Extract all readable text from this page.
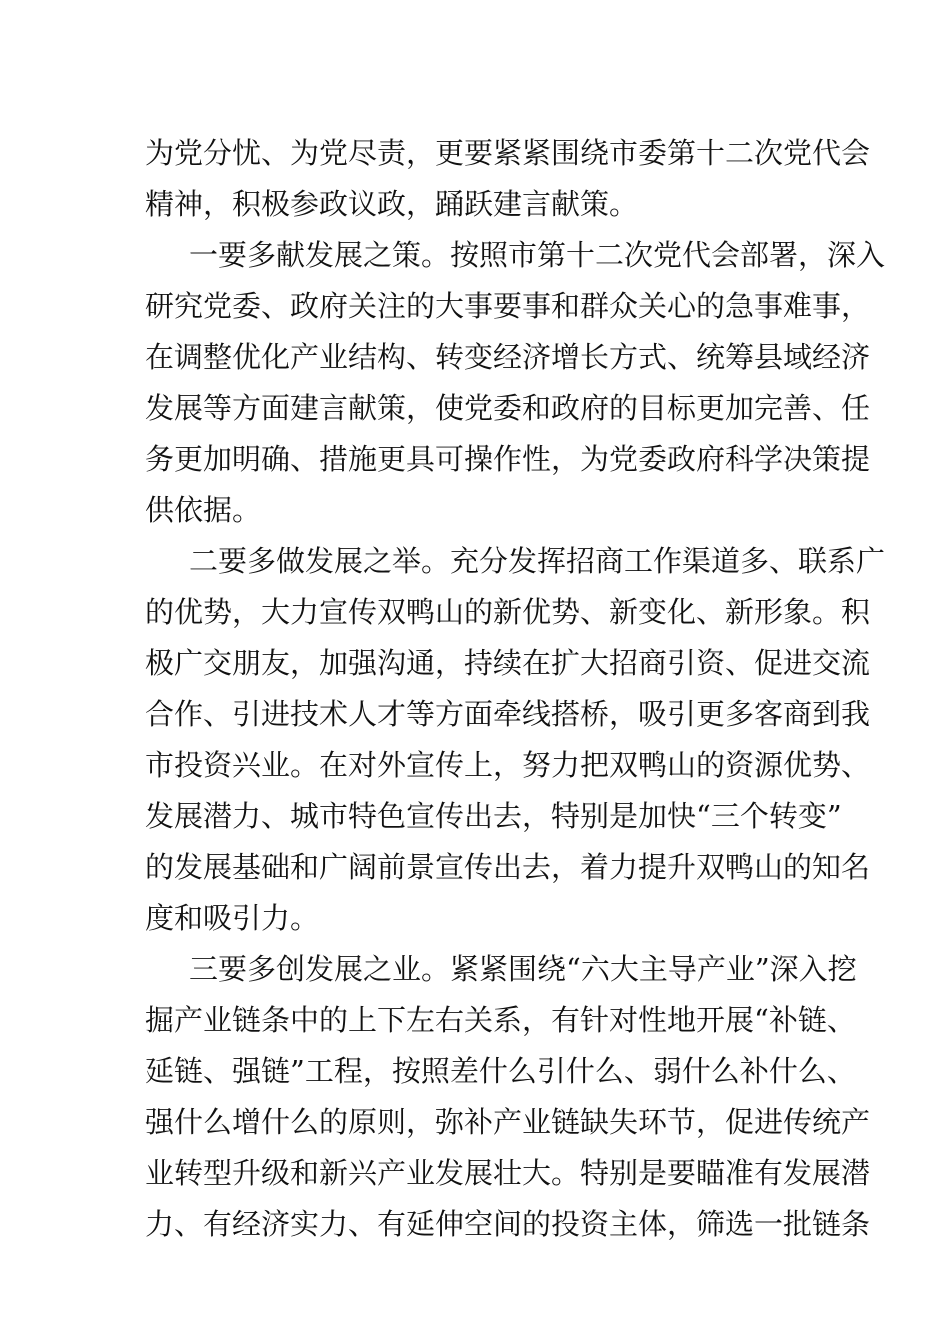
为党分忧、为党尽责，更要紧紧围绕市委第十二次党代会
精神，积极参政议政，踊跃建言献策。
一要多献发展之策。按照市第十二次党代会部署，深入
研究党委、政府关注的大事要事和群众关心的急事难事，
在调整优化产业结构、转变经济增长方式、统筹县域经济
发展等方面建言献策，使党委和政府的目标更加完善、任
务更加明确、措施更具可操作性，为党委政府科学决策提
供依据。
二要多做发展之举。充分发挥招商工作渠道多、联系广
的优势，大力宣传双鸭山的新优势、新变化、新形象。积
极广交朋友，加强沟通，持续在扩大招商引资、促进交流
合作、引进技术人才等方面牵线搭桥，吸引更多客商到我
市投资兴业。在对外宣传上，努力把双鸭山的资源优势、
发展潜力、城市特色宣传出去，特别是加快“三个转变”
的发展基础和广阔前景宣传出去，着力提升双鸭山的知名
度和吸引力。
三要多创发展之业。紧紧围绕“六大主导产业”深入挖
掘产业链条中的上下左右关系，有针对性地开展“补链、
延链、强链”工程，按照差什么引什么、弱什么补什么、
强什么增什么的原则，弥补产业链缺失环节，促进传统产
业转型升级和新兴产业发展壮大。特别是要瞄准有发展潜
力、有经济实力、有延伸空间的投资主体，筛选一批链条
